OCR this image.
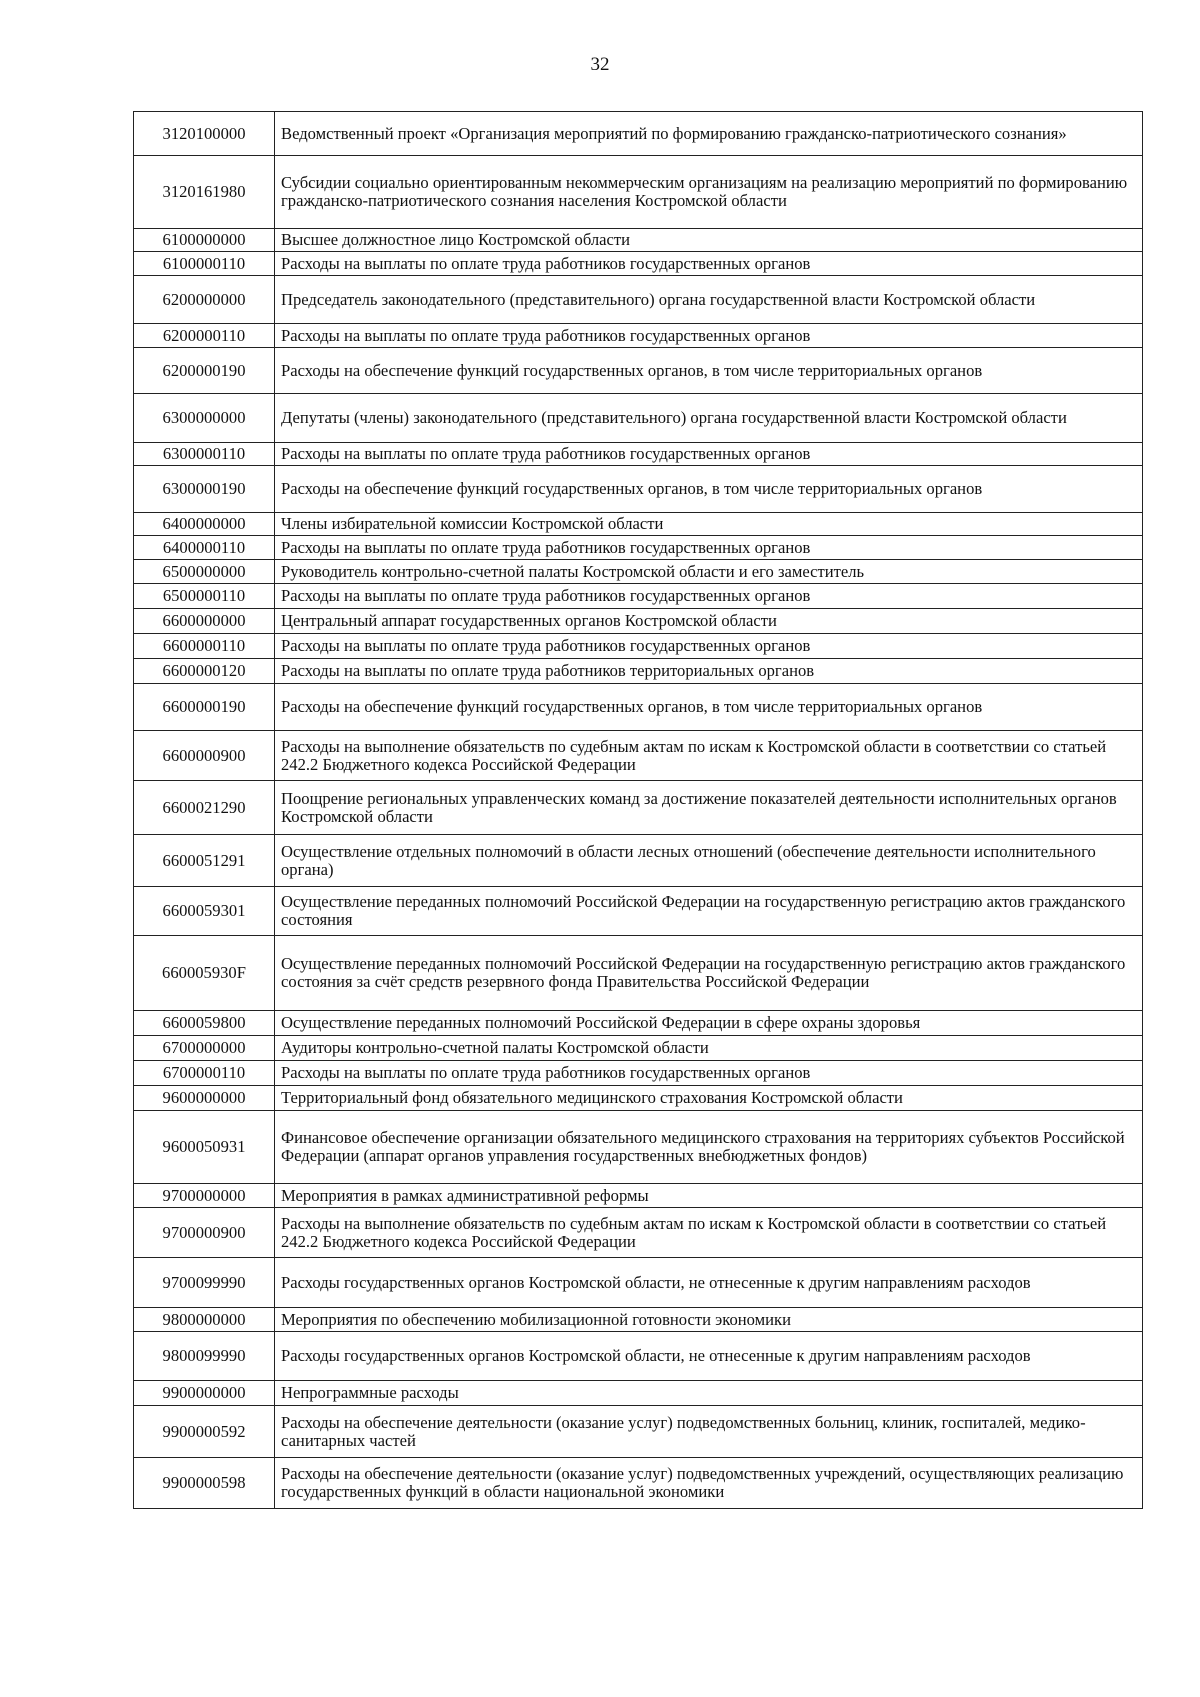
32
3120100000	Ведомственный проект «Организация мероприятий по формированию гражданско-патриотического сознания»
3120161980	Субсидии социально ориентированным некоммерческим организациям на реализацию мероприятий по формированию гражданско-патриотического сознания населения Костромской области
6100000000	Высшее должностное лицо Костромской области
6100000110	Расходы на выплаты по оплате труда работников государственных органов
6200000000	Председатель законодательного (представительного) органа государственной власти Костромской области
6200000110	Расходы на выплаты по оплате труда работников государственных органов
6200000190	Расходы на обеспечение функций государственных органов, в том числе территориальных органов
6300000000	Депутаты (члены) законодательного (представительного) органа государственной власти Костромской области
6300000110	Расходы на выплаты по оплате труда работников государственных органов
6300000190	Расходы на обеспечение функций государственных органов, в том числе территориальных органов
6400000000	Члены избирательной комиссии Костромской области
6400000110	Расходы на выплаты по оплате труда работников государственных органов
6500000000	Руководитель контрольно-счетной палаты Костромской области и его заместитель
6500000110	Расходы на выплаты по оплате труда работников государственных органов
6600000000	Центральный аппарат государственных органов Костромской области
6600000110	Расходы на выплаты по оплате труда работников государственных органов
6600000120	Расходы на выплаты по оплате труда работников территориальных органов
6600000190	Расходы на обеспечение функций государственных органов, в том числе территориальных органов
6600000900	Расходы на выполнение обязательств по судебным актам по искам к Костромской области в соответствии со статьей 242.2 Бюджетного кодекса Российской Федерации
6600021290	Поощрение региональных управленческих команд за достижение показателей деятельности исполнительных органов Костромской области
6600051291	Осуществление отдельных полномочий в области лесных отношений (обеспечение деятельности исполнительного органа)
6600059301	Осуществление переданных полномочий Российской Федерации на государственную регистрацию актов гражданского состояния
660005930F	Осуществление переданных полномочий Российской Федерации на государственную регистрацию актов гражданского состояния за счёт средств резервного фонда Правительства Российской Федерации
6600059800	Осуществление переданных полномочий Российской Федерации в сфере охраны здоровья
6700000000	Аудиторы контрольно-счетной палаты Костромской области
6700000110	Расходы на выплаты по оплате труда работников государственных органов
9600000000	Территориальный фонд обязательного медицинского страхования Костромской области
9600050931	Финансовое обеспечение организации обязательного медицинского страхования на территориях субъектов Российской Федерации (аппарат органов управления государственных внебюджетных фондов)
9700000000	Мероприятия в рамках административной реформы
9700000900	Расходы на выполнение обязательств по судебным актам по искам к Костромской области в соответствии со статьей 242.2 Бюджетного кодекса Российской Федерации
9700099990	Расходы государственных органов Костромской области, не отнесенные к другим направлениям расходов
9800000000	Мероприятия по обеспечению мобилизационной готовности экономики
9800099990	Расходы государственных органов Костромской области, не отнесенные к другим направлениям расходов
9900000000	Непрограммные расходы
9900000592	Расходы на обеспечение деятельности (оказание услуг) подведомственных больниц, клиник, госпиталей, медико-санитарных частей
9900000598	Расходы на обеспечение деятельности (оказание услуг) подведомственных учреждений, осуществляющих реализацию государственных функций в области национальной экономики
